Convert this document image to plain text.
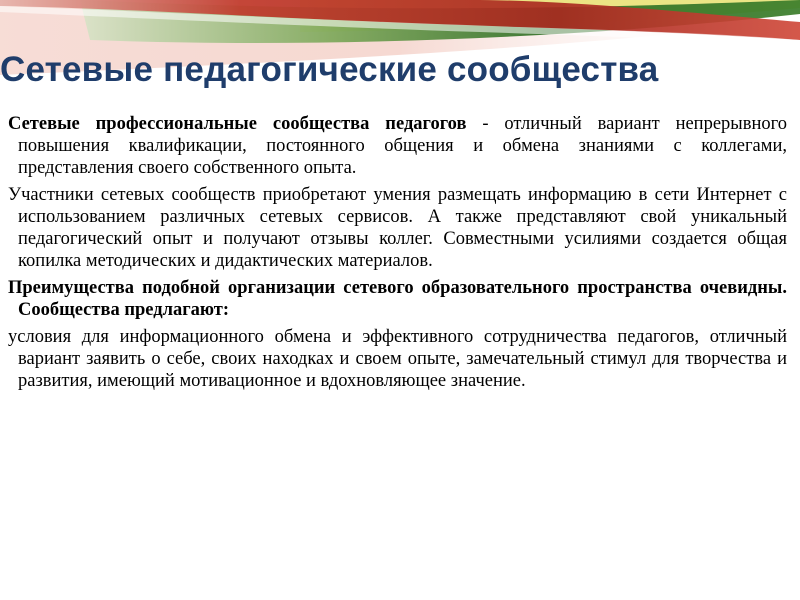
Сетевые педагогические сообщества

Сетевые профессиональные сообщества педагогов - отличный вариант непрерывного повышения квалификации, постоянного общения и обмена знаниями с коллегами, представления своего собственного опыта.

Участники сетевых сообществ приобретают умения размещать информацию в сети Интернет с использованием различных сетевых сервисов. А также представляют свой уникальный педагогический опыт и получают отзывы коллег. Совместными усилиями создается общая копилка методических и дидактических материалов.

Преимущества подобной организации сетевого образовательного пространства очевидны. Сообщества предлагают:

условия для информационного обмена и эффективного сотрудничества педагогов, отличный вариант заявить о себе, своих находках и своем опыте, замечательный стимул для творчества и развития, имеющий мотивационное и вдохновляющее значение.
